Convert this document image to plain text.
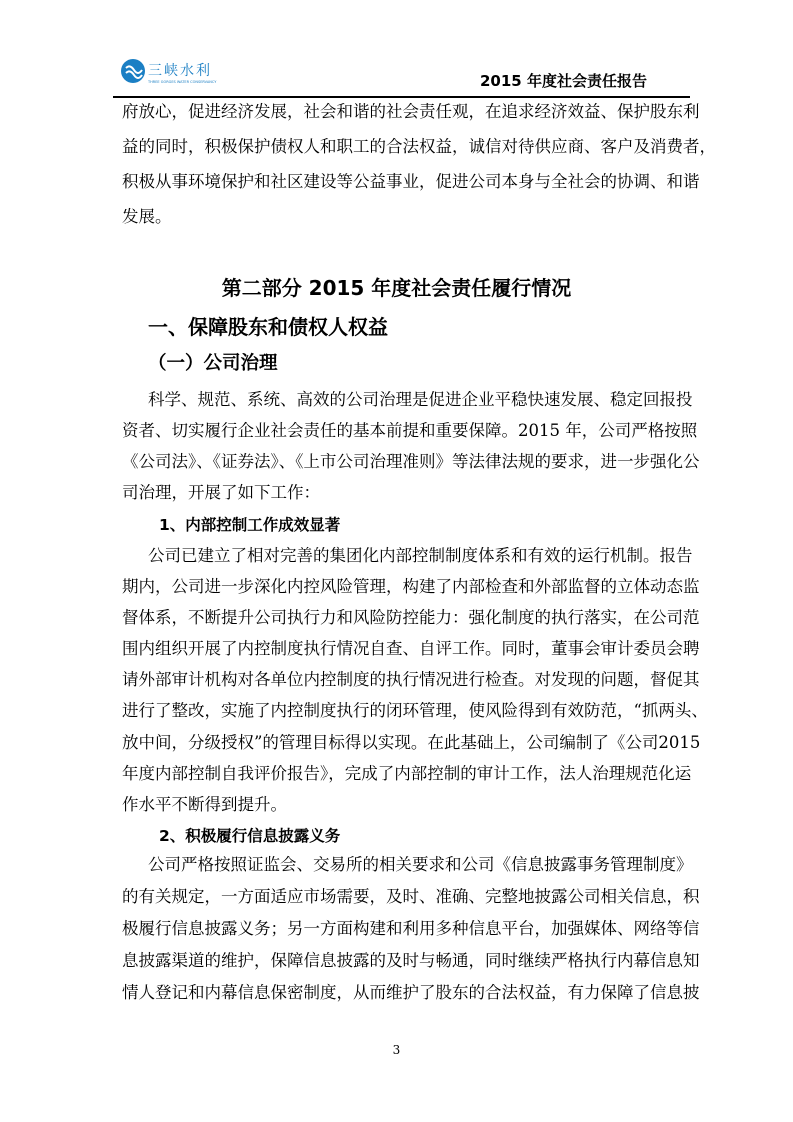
三峡水利
THREE GORGES WATER CONSERVANCY	2015 年度社会责任报告
府放心，促进经济发展，社会和谐的社会责任观，在追求经济效益、保护股东利
益的同时，积极保护债权人和职工的合法权益，诚信对待供应商、客户及消费者，
积极从事环境保护和社区建设等公益事业，促进公司本身与全社会的协调、和谐
发展。
第二部分 2015 年度社会责任履行情况
一、保障股东和债权人权益
（一）公司治理
科学、规范、系统、高效的公司治理是促进企业平稳快速发展、稳定回报投
资者、切实履行企业社会责任的基本前提和重要保障。2015 年，公司严格按照
《公司法》、《证券法》、《上市公司治理准则》等法律法规的要求，进一步强化公
司治理，开展了如下工作：
1、内部控制工作成效显著
公司已建立了相对完善的集团化内部控制制度体系和有效的运行机制。报告
期内，公司进一步深化内控风险管理，构建了内部检查和外部监督的立体动态监
督体系，不断提升公司执行力和风险防控能力：强化制度的执行落实，在公司范
围内组织开展了内控制度执行情况自查、自评工作。同时，董事会审计委员会聘
请外部审计机构对各单位内控制度的执行情况进行检查。对发现的问题，督促其
进行了整改，实施了内控制度执行的闭环管理，使风险得到有效防范，“抓两头、
放中间，分级授权”的管理目标得以实现。在此基础上，公司编制了《公司2015
年度内部控制自我评价报告》，完成了内部控制的审计工作，法人治理规范化运
作水平不断得到提升。
2、积极履行信息披露义务
公司严格按照证监会、交易所的相关要求和公司《信息披露事务管理制度》
的有关规定，一方面适应市场需要，及时、准确、完整地披露公司相关信息，积
极履行信息披露义务；另一方面构建和利用多种信息平台，加强媒体、网络等信
息披露渠道的维护，保障信息披露的及时与畅通，同时继续严格执行内幕信息知
情人登记和内幕信息保密制度，从而维护了股东的合法权益，有力保障了信息披
3
